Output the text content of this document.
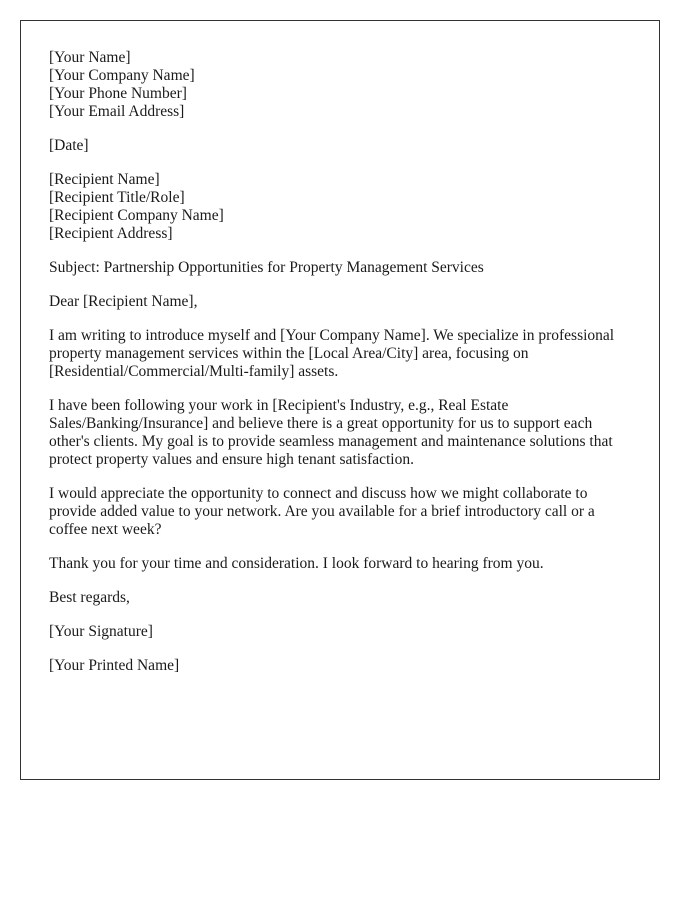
[Your Name]
[Your Company Name]
[Your Phone Number]
[Your Email Address]
[Date]
[Recipient Name]
[Recipient Title/Role]
[Recipient Company Name]
[Recipient Address]

Subject: Partnership Opportunities for Property Management Services

Dear [Recipient Name],

I am writing to introduce myself and [Your Company Name]. We specialize in professional property management services within the [Local Area/City] area, focusing on [Residential/Commercial/Multi-family] assets.

I have been following your work in [Recipient's Industry, e.g., Real Estate Sales/Banking/Insurance] and believe there is a great opportunity for us to support each other's clients. My goal is to provide seamless management and maintenance solutions that protect property values and ensure high tenant satisfaction.

I would appreciate the opportunity to connect and discuss how we might collaborate to provide added value to your network. Are you available for a brief introductory call or a coffee next week?

Thank you for your time and consideration. I look forward to hearing from you.

Best regards,

[Your Signature]

[Your Printed Name]
